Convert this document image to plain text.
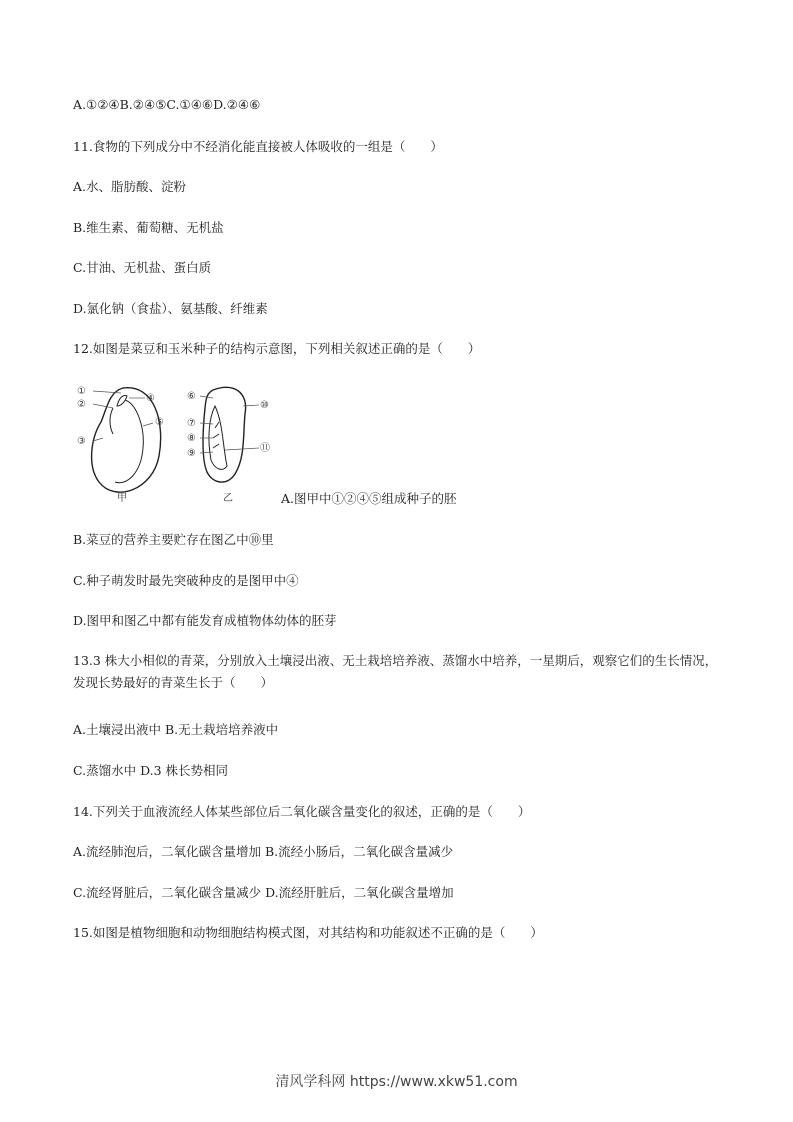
A.①②④B.②④⑤C.①④⑥D.②④⑥
11.食物的下列成分中不经消化能直接被人体吸收的一组是（　　）
A.水、脂肪酸、淀粉
B.维生素、葡萄糖、无机盐
C.甘油、无机盐、蛋白质
D.氯化钠（食盐）、氨基酸、纤维素
12.如图是菜豆和玉米种子的结构示意图，下列相关叙述正确的是（　　）
①
②
③
④
⑤
甲
⑥
⑦
⑧
⑨
⑩
⑪
乙	A.图甲中①②④⑤组成种子的胚
B.菜豆的营养主要贮存在图乙中⑩里
C.种子萌发时最先突破种皮的是图甲中④
D.图甲和图乙中都有能发育成植物体幼体的胚芽
13.3 株大小相似的青菜，分别放入土壤浸出液、无土栽培培养液、蒸馏水中培养，一星期后，观察它们的生长情况，发现长势最好的青菜生长于（　　）
A.土壤浸出液中 B.无土栽培培养液中
C.蒸馏水中 D.3 株长势相同
14.下列关于血液流经人体某些部位后二氧化碳含量变化的叙述，正确的是（　　）
A.流经肺泡后，二氧化碳含量增加 B.流经小肠后，二氧化碳含量减少
C.流经肾脏后，二氧化碳含量减少 D.流经肝脏后，二氧化碳含量增加
15.如图是植物细胞和动物细胞结构模式图，对其结构和功能叙述不正确的是（　　）
清风学科网 https://www.xkw51.com
